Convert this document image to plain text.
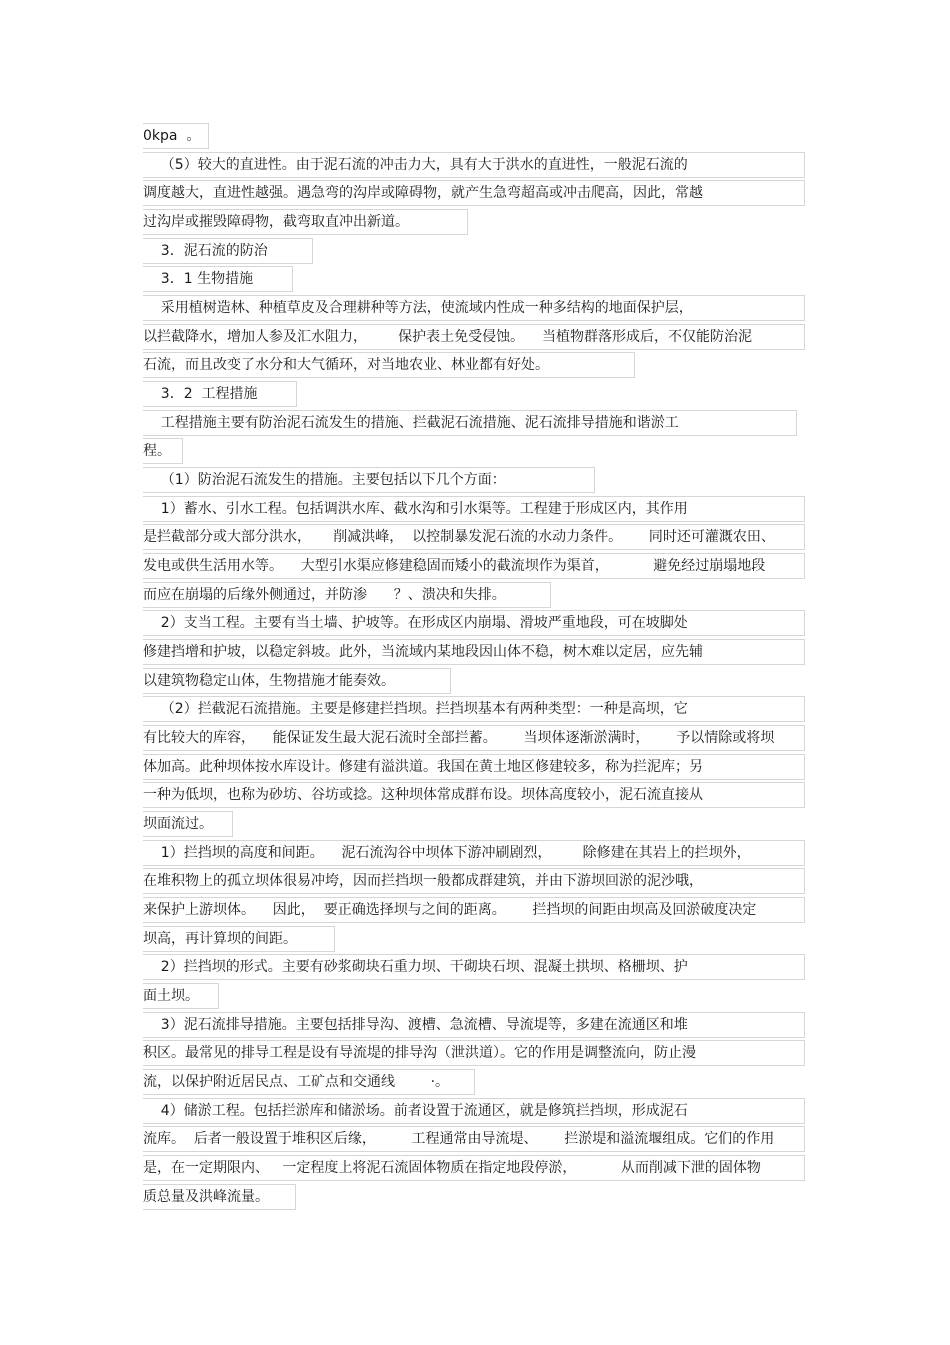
0kpa  。
（5）较大的直进性。由于泥石流的冲击力大，具有大于洪水的直进性，一般泥石流的
调度越大，直进性越强。遇急弯的沟岸或障碍物，就产生急弯超高或冲击爬高，因此，常越
过沟岸或摧毁障碍物，截弯取直冲出新道。
3．泥石流的防治
3．1 生物措施
采用植树造林、种植草皮及合理耕种等方法，使流域内性成一种多结构的地面保护层，
以拦截降水，增加人参及汇水阻力，       保护表土免受侵蚀。    当植物群落形成后，不仅能防治泥
石流，而且改变了水分和大气循环，对当地农业、林业都有好处。
3．2  工程措施
工程措施主要有防治泥石流发生的措施、拦截泥石流措施、泥石流排导措施和谐淤工
程。
（1）防治泥石流发生的措施。主要包括以下几个方面：
1）蓄水、引水工程。包括调洪水库、截水沟和引水渠等。工程建于形成区内，其作用
是拦截部分或大部分洪水，     削减洪峰，  以控制暴发泥石流的水动力条件。      同时还可灌溉农田、
发电或供生活用水等。    大型引水渠应修建稳固而矮小的截流坝作为渠首，          避免经过崩塌地段
而应在崩塌的后缘外侧通过，并防渗      ？、溃决和失排。
2）支当工程。主要有当土墙、护坡等。在形成区内崩塌、滑坡严重地段，可在坡脚处
修建挡增和护坡，以稳定斜坡。此外，当流域内某地段因山体不稳，树木难以定居，应先辅
以建筑物稳定山体，生物措施才能奏效。
（2）拦截泥石流措施。主要是修建拦挡坝。拦挡坝基本有两种类型：一种是高坝，它
有比较大的库容，    能保证发生最大泥石流时全部拦蓄。      当坝体逐渐淤满时，      予以情除或将坝
体加高。此种坝体按水库设计。修建有溢洪道。我国在黄土地区修建较多，称为拦泥库；另
一种为低坝，也称为砂坊、谷坊或捻。这种坝体常成群布设。坝体高度较小，泥石流直接从
坝面流过。
1）拦挡坝的高度和间距。    泥石流沟谷中坝体下游冲刷剧烈，       除修建在其岩上的拦坝外，
在堆积物上的孤立坝体很易冲垮，因而拦挡坝一般都成群建筑，并由下游坝回淤的泥沙哦，
来保护上游坝体。    因此，  要正确选择坝与之间的距离。      拦挡坝的间距由坝高及回淤破度决定
坝高，再计算坝的间距。
2）拦挡坝的形式。主要有砂浆砌块石重力坝、干砌块石坝、混凝土拱坝、格栅坝、护
面土坝。
3）泥石流排导措施。主要包括排导沟、渡槽、急流槽、导流堤等，多建在流通区和堆
积区。最常见的排导工程是设有导流堤的排导沟（泄洪道）。它的作用是调整流向，防止漫
流，以保护附近居民点、工矿点和交通线        ·。
4）储淤工程。包括拦淤库和储淤场。前者设置于流通区，就是修筑拦挡坝，形成泥石
流库。  后者一般设置于堆积区后缘，        工程通常由导流堤、      拦淤堤和溢流堰组成。它们的作用
是，在一定期限内、   一定程度上将泥石流固体物质在指定地段停淤，          从而削减下泄的固体物
质总量及洪峰流量。
